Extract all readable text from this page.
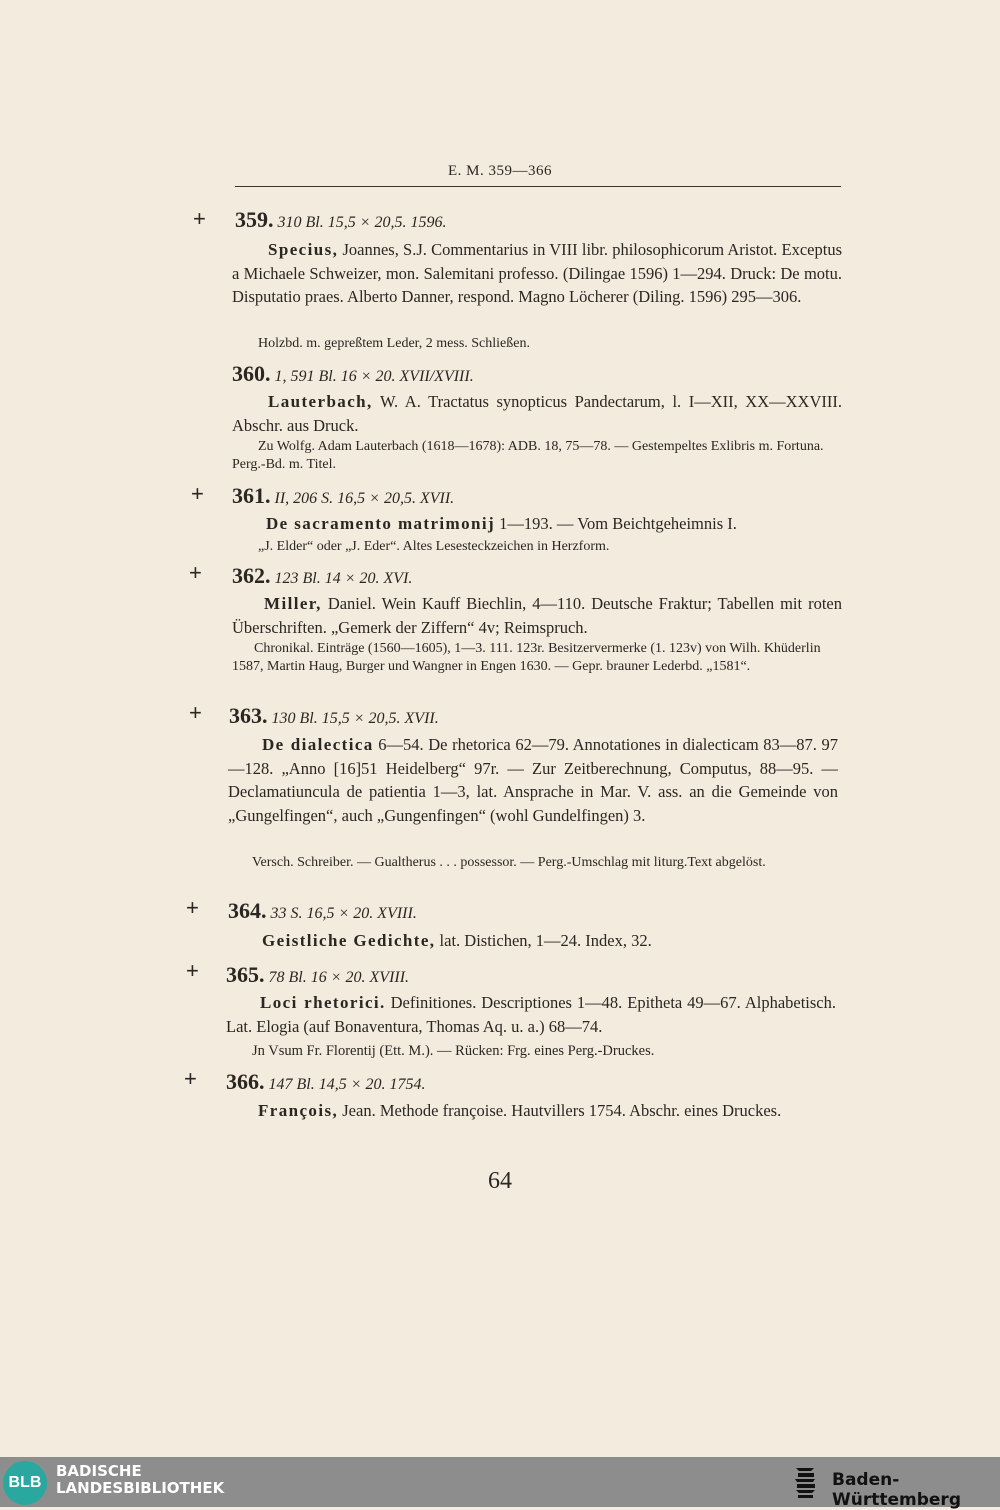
E. M. 359—366
+ 359. 310 Bl. 15,5 × 20,5. 1596.
Specius, Joannes, S.J. Commentarius in VIII libr. philosophicorum Aristot. Exceptus a Michaele Schweizer, mon. Salemitani professo. (Dilingae 1596) 1—294. Druck: De motu. Disputatio praes. Alberto Danner, respond. Magno Löcherer (Diling. 1596) 295—306.
Holzbd. m. gepreßtem Leder, 2 mess. Schließen.
360. 1, 591 Bl. 16 × 20. XVII/XVIII.
Lauterbach, W. A. Tractatus synopticus Pandectarum, l. I—XII, XX—XXVIII. Abschr. aus Druck.
Zu Wolfg. Adam Lauterbach (1618—1678): ADB. 18, 75—78. — Gestempeltes Exlibris m. Fortuna. Perg.-Bd. m. Titel.
+ 361. II, 206 S. 16,5 × 20,5. XVII.
De sacramento matrimonij 1—193. — Vom Beichtgeheimnis I.
„J. Elder“ oder „J. Eder“. Altes Lesesteckzeichen in Herzform.
+ 362. 123 Bl. 14 × 20. XVI.
Miller, Daniel. Wein Kauff Biechlin, 4—110. Deutsche Fraktur; Tabellen mit roten Überschriften. „Gemerk der Ziffern“ 4v; Reimspruch.
Chronikal. Einträge (1560—1605), 1—3. 111. 123r. Besitzervermerke (1. 123v) von Wilh. Khüderlin 1587, Martin Haug, Burger und Wangner in Engen 1630. — Gepr. brauner Lederbd. „1581“.
+ 363. 130 Bl. 15,5 × 20,5. XVII.
De dialectica 6—54. De rhetorica 62—79. Annotationes in dialecticam 83—87. 97—128. „Anno [16]51 Heidelberg“ 97r. — Zur Zeitberechnung, Computus, 88—95. — Declamatiuncula de patientia 1—3, lat. Ansprache in Mar. V. ass. an die Gemeinde von „Gungelfingen“, auch „Gungenfingen“ (wohl Gundelfingen) 3.
Versch. Schreiber. — Gualtherus . . . possessor. — Perg.-Umschlag mit liturg.Text abgelöst.
+ 364. 33 S. 16,5 × 20. XVIII.
Geistliche Gedichte, lat. Distichen, 1—24. Index, 32.
+ 365. 78 Bl. 16 × 20. XVIII.
Loci rhetorici. Definitiones. Descriptiones 1—48. Epitheta 49—67. Alphabetisch. Lat. Elogia (auf Bonaventura, Thomas Aq. u. a.) 68—74.
Jn Vsum Fr. Florentij (Ett. M.). — Rücken: Frg. eines Perg.-Druckes.
+ 366. 147 Bl. 14,5 × 20. 1754.
François, Jean. Methode françoise. Hautvillers 1754. Abschr. eines Druckes.
64
BLB
BADISCHE
LANDESBIBLIOTHEK	Baden-Württemberg
